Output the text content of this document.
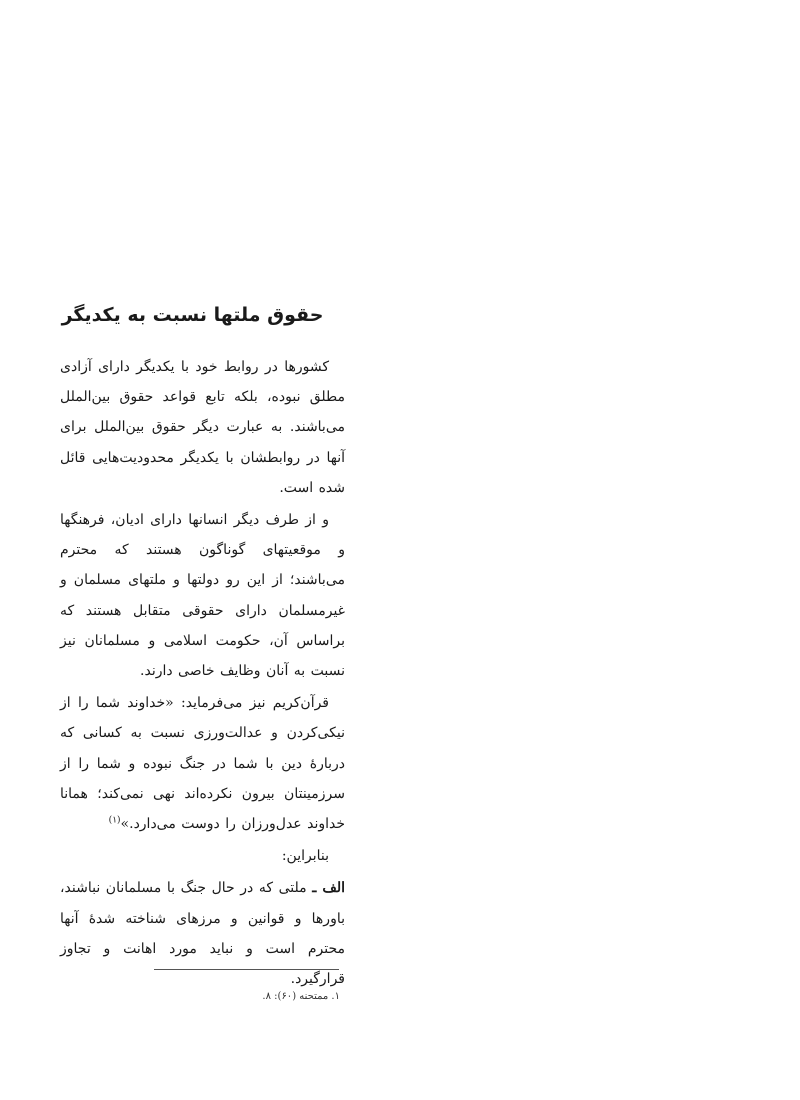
حقوق ملتها نسبت به یکدیگر

کشورها در روابط خود با یکدیگر دارای آزادی مطلق نبوده، بلکه تابع قواعد حقوق بین‌الملل می‌باشند. به عبارت دیگر حقوق بین‌الملل برای آنها در روابطشان با یکدیگر محدودیت‌هایی قائل شده است.

و از طرف دیگر انسانها دارای ادیان، فرهنگها و موقعیتهای گوناگون هستند که محترم می‌باشند؛ از این رو دولتها و ملتهای مسلمان و غیرمسلمان دارای حقوقی متقابل هستند که براساس آن، حکومت اسلامی و مسلمانان نیز نسبت به آنان وظایف خاصی دارند.

قرآن‌کریم نیز می‌فرماید: «خداوند شما را از نیکی‌کردن و عدالت‌ورزی نسبت به کسانی که دربارهٔ دین با شما در جنگ نبوده و شما را از سرزمینتان بیرون نکرده‌اند نهی نمی‌کند؛ همانا خداوند عدل‌ورزان را دوست می‌دارد.»$^{(۱)}$

بنابراین:

الف ـ ملتی که در حال جنگ با مسلمانان نباشند، باورها و قوانین و مرزهای شناخته شدهٔ آنها محترم است و نباید مورد اهانت و تجاوز قرارگیرد.

۱. ممتحنه (۶۰): ۸.
